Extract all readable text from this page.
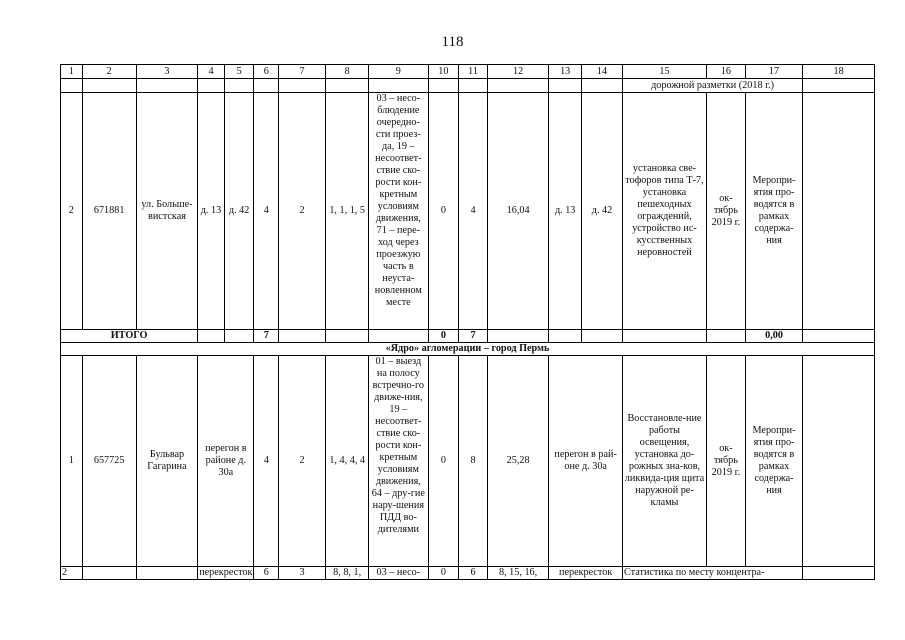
118
1	2	3	4	5	6	7	8	9	10	11	12	13	14	15	16	17	18
														дорожной разметки (2018 г.)			
2	671881	ул. Больше-вистская	д. 13	д. 42	4	2	1, 1, 1, 5	03 – несо-блюдение очередно-сти проез-да, 19 – несоответ-ствие ско-рости кон-кретным условиям движения, 71 – пере-ход через проезжую часть в неуста-новленном месте	0	4	16,04	д. 13	д. 42	установка све-тофоров типа Т-7, установка пешеходных ограждений, устройство ис-кусственных неровностей	ок-тябрь 2019 г.	Меропри-ятия про-водятся в рамках содержа-ния	
ИТОГО					7				0	7						0,00	
«Ядро» агломерации – город Пермь																	
1	657725	Бульвар Гагарина	перегон в районе д. 30а		4	2	1, 4, 4, 4	01 – выезд на полосу встречно-го движе-ния, 19 – несоответ-ствие ско-рости кон-кретным условиям движения, 64 – дру-гие нару-шения ПДД во-дителями	0	8	25,28	перегон в рай-оне д. 30а		Восстановле-ние работы освещения, установка до-рожных зна-ков, ликвида-ция щита наружной ре-кламы	ок-тябрь 2019 г.	Меропри-ятия про-водятся в рамках содержа-ния	
2			перекресток		6	3	8, 8, 1,	03 – несо-	0	6	8, 15, 16,	перекресток		Статистика по месту концентра-			
